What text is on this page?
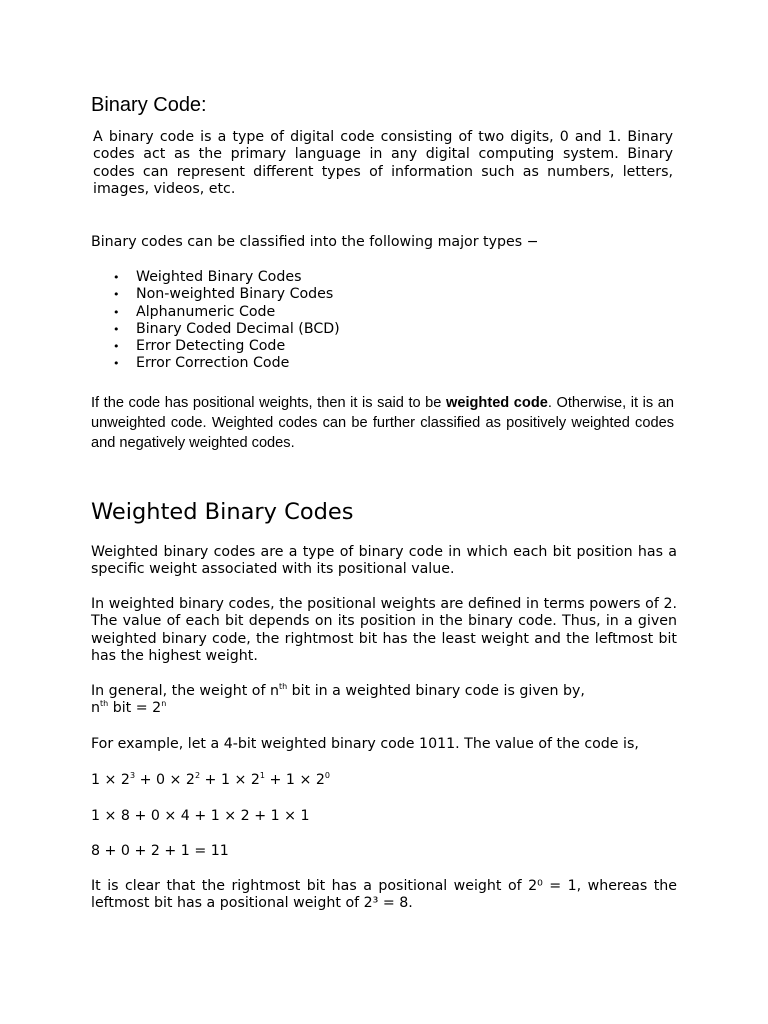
Binary Code:

A binary code is a type of digital code consisting of two digits, 0 and 1. Binary codes act as the primary language in any digital computing system. Binary codes can represent different types of information such as numbers, letters, images, videos, etc.

Binary codes can be classified into the following major types −

• Weighted Binary Codes
• Non-weighted Binary Codes
• Alphanumeric Code
• Binary Coded Decimal (BCD)
• Error Detecting Code
• Error Correction Code

If the code has positional weights, then it is said to be weighted code. Otherwise, it is an unweighted code. Weighted codes can be further classified as positively weighted codes and negatively weighted codes.

Weighted Binary Codes

Weighted binary codes are a type of binary code in which each bit position has a specific weight associated with its positional value.

In weighted binary codes, the positional weights are defined in terms powers of 2. The value of each bit depends on its position in the binary code. Thus, in a given weighted binary code, the rightmost bit has the least weight and the leftmost bit has the highest weight.

In general, the weight of $n^{th}$ bit in a weighted binary code is given by,
$n^{th}$ bit = $2^n$

For example, let a 4-bit weighted binary code 1011. The value of the code is,

$1 \times 2^3 + 0 \times 2^2 + 1 \times 2^1 + 1 \times 2^0$

1 × 8 + 0 × 4 + 1 × 2 + 1 × 1

8 + 0 + 2 + 1 = 11

It is clear that the rightmost bit has a positional weight of 2⁰ = 1, whereas the leftmost bit has a positional weight of 2³ = 8.
